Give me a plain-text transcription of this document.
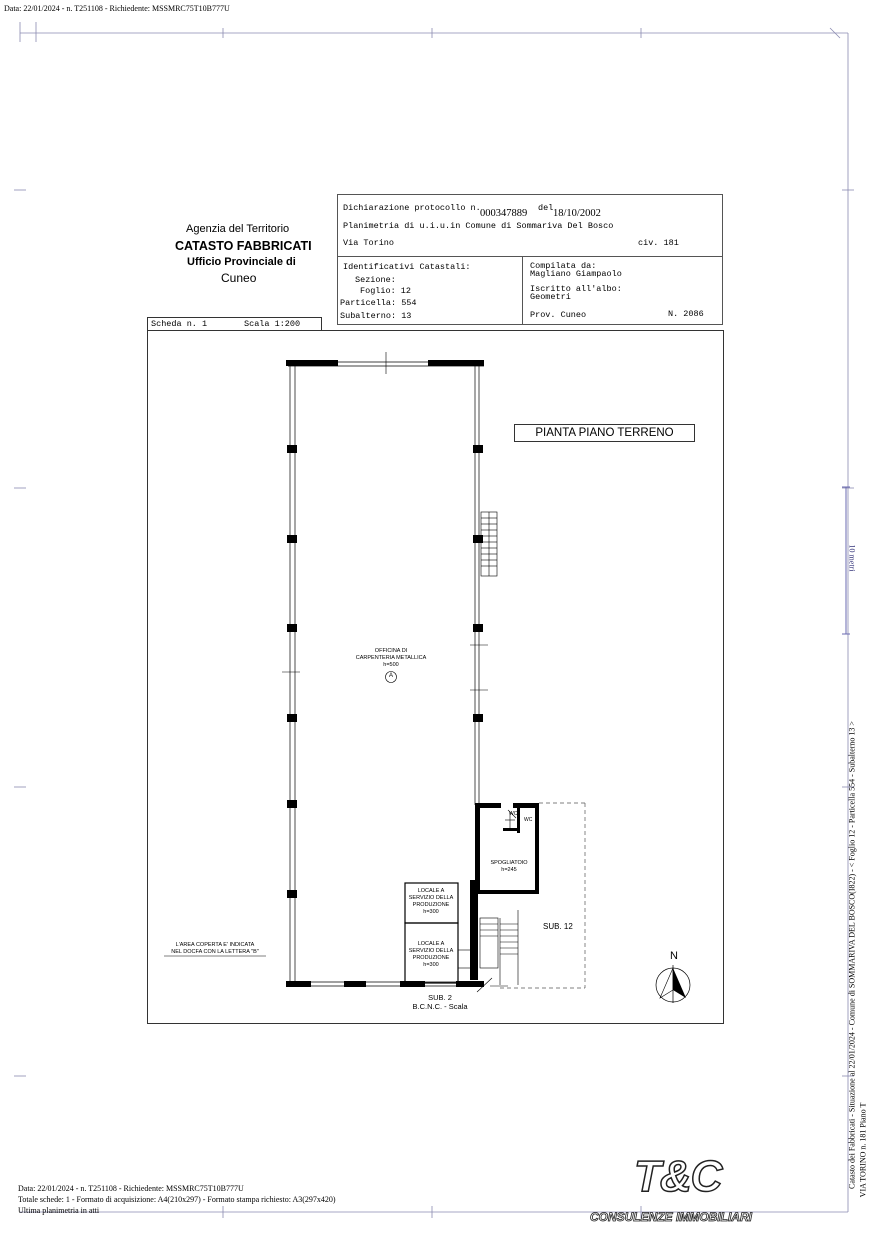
Data: 22/01/2024 - n. T251108 - Richiedente: MSSMRC75T10B777U
10 metri
Catasto dei Fabbricati - Situazione al 22/01/2024 - Comune di SOMMARIVA DEL BOSCO(I822) - < Foglio 12 - Particella 554 - Subalterno 13 > VIA TORINO n. 181 Piano T
Agenzia del Territorio
CATASTO FABBRICATI
Ufficio Provinciale di
Cuneo
Dichiarazione protocollo n. 000347889 del 18/10/2002
Planimetria di u.i.u.in Comune di Sommariva Del Bosco
Via Torino	civ. 181
Identificativi Catastali:
Sezione:
Foglio: 12
Particella: 554
Subalterno: 13
Compilata da:
Magliano Giampaolo
Iscritto all'albo:
Geometri
Prov. Cuneo	N. 2086
Scheda n. 1	Scala 1:200
PIANTA PIANO TERRENO
OFFICINA DI
CARPENTERIA METALLICA
h=500
A
WC
WC
SPOGLIATOIO
h=245
LOCALE A
SERVIZIO DELLA
PRODUZIONE
h=300
LOCALE A
SERVIZIO DELLA
PRODUZIONE
h=300
SUB. 12
SUB. 2
B.C.N.C. - Scala
L'AREA COPERTA E' INDICATA
NEL DOCFA CON LA LETTERA "B"	N
Data: 22/01/2024 - n. T251108 - Richiedente: MSSMRC75T10B777U
Totale schede: 1 - Formato di acquisizione: A4(210x297) - Formato stampa richiesto: A3(297x420)
Ultima planimetria in atti
T&C
CONSULENZE IMMOBILIARI
